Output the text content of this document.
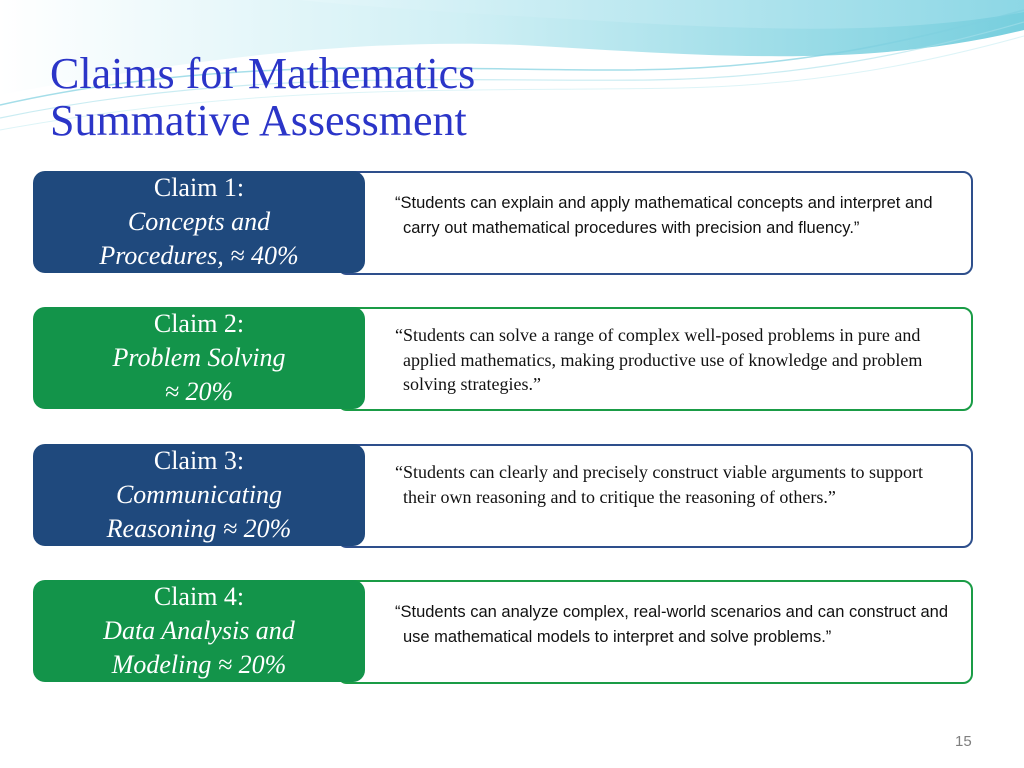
Claims for Mathematics
Summative Assessment

“Students can explain and apply mathematical concepts and interpret and carry out mathematical procedures with precision and fluency.”

Claim 1:
Concepts and
Procedures, ≈ 40%

“Students can solve a range of complex well-posed problems in pure and applied mathematics, making productive use of knowledge and problem solving strategies.”

Claim 2:
Problem Solving
≈ 20%

“Students can clearly and precisely construct viable arguments to support their own reasoning and to critique the reasoning of others.”

Claim 3:
Communicating
Reasoning ≈ 20%

“Students can analyze complex, real-world scenarios and can construct and use mathematical models to interpret and solve problems.”

Claim 4:
Data Analysis and
Modeling ≈ 20%
15
